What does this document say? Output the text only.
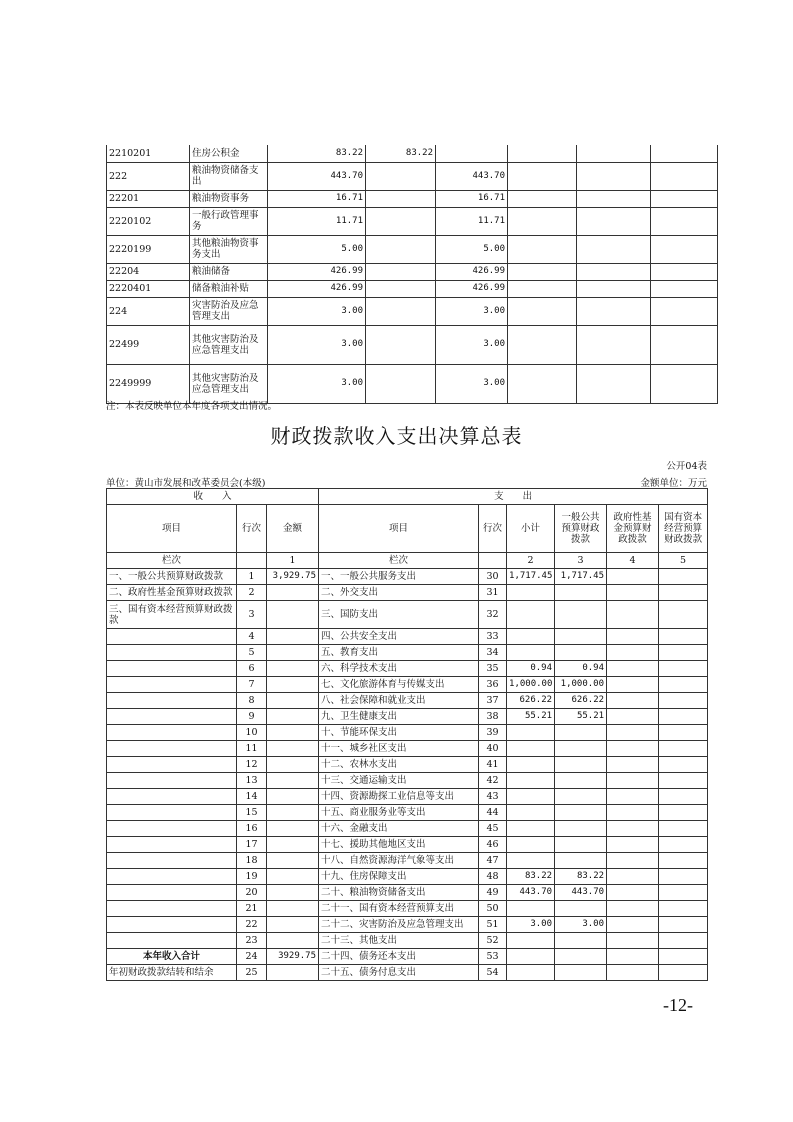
2210201	住房公积金	83.22	83.22				
222	粮油物资储备支出	443.70		443.70			
22201	粮油物资事务	16.71		16.71			
2220102	一般行政管理事务	11.71		11.71			
2220199	其他粮油物资事务支出	5.00		5.00			
22204	粮油储备	426.99		426.99			
2220401	储备粮油补贴	426.99		426.99			
224	灾害防治及应急管理支出	3.00		3.00			
22499	其他灾害防治及应急管理支出	3.00		3.00			
2249999	其他灾害防治及应急管理支出	3.00		3.00			
注：本表反映单位本年度各项支出情况。
财政拨款收入支出决算总表
公开04表
单位：黄山市发展和改革委员会(本级)	金额单位：万元
收　　入			支　　出					
项目	行次	金额	项目	行次	小计	一般公共预算财政拨款	政府性基金预算财政拨款	国有资本经营预算财政拨款
栏次		1	栏次		2	3	4	5
一、一般公共预算财政拨款	1	3,929.75	一、一般公共服务支出	30	1,717.45	1,717.45		
二、政府性基金预算财政拨款	2		二、外交支出	31				
三、国有资本经营预算财政拨款	3		三、国防支出	32				
	4		四、公共安全支出	33				
	5		五、教育支出	34				
	6		六、科学技术支出	35	0.94	0.94		
	7		七、文化旅游体育与传媒支出	36	1,000.00	1,000.00		
	8		八、社会保障和就业支出	37	626.22	626.22		
	9		九、卫生健康支出	38	55.21	55.21		
	10		十、节能环保支出	39				
	11		十一、城乡社区支出	40				
	12		十二、农林水支出	41				
	13		十三、交通运输支出	42				
	14		十四、资源勘探工业信息等支出	43				
	15		十五、商业服务业等支出	44				
	16		十六、金融支出	45				
	17		十七、援助其他地区支出	46				
	18		十八、自然资源海洋气象等支出	47				
	19		十九、住房保障支出	48	83.22	83.22		
	20		二十、粮油物资储备支出	49	443.70	443.70		
	21		二十一、国有资本经营预算支出	50				
	22		二十二、灾害防治及应急管理支出	51	3.00	3.00		
	23		二十三、其他支出	52				
本年收入合计	24	3929.75	二十四、债务还本支出	53				
年初财政拨款结转和结余	25		二十五、债务付息支出	54				
-12-
